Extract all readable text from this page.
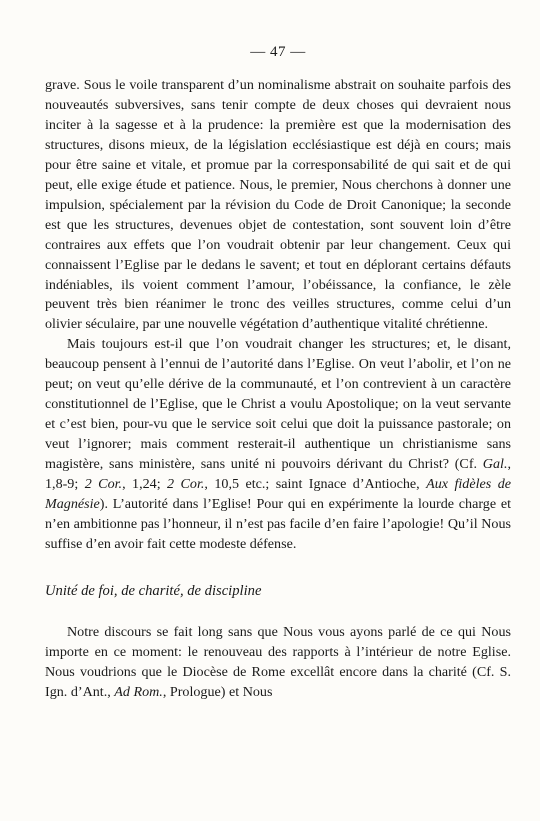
— 47 —

grave. Sous le voile transparent d’un nominalisme abstrait on souhaite parfois des nouveautés subversives, sans tenir compte de deux choses qui devraient nous inciter à la sagesse et à la prudence: la première est que la modernisation des structures, disons mieux, de la législation ecclésiastique est déjà en cours; mais pour être saine et vitale, et promue par la corresponsabilité de qui sait et de qui peut, elle exige étude et patience. Nous, le premier, Nous cherchons à donner une impulsion, spécialement par la révision du Code de Droit Canonique; la seconde est que les structures, devenues objet de contestation, sont souvent loin d’être contraires aux effets que l’on voudrait obtenir par leur changement. Ceux qui connaissent l’Eglise par le dedans le savent; et tout en déplorant certains défauts indéniables, ils voient comment l’amour, l’obéissance, la confiance, le zèle peuvent très bien réanimer le tronc des veilles structures, comme celui d’un olivier séculaire, par une nouvelle végétation d’authentique vitalité chrétienne.

Mais toujours est-il que l’on voudrait changer les structures; et, le disant, beaucoup pensent à l’ennui de l’autorité dans l’Eglise. On veut l’abolir, et l’on ne peut; on veut qu’elle dérive de la communauté, et l’on contrevient à un caractère constitutionnel de l’Eglise, que le Christ a voulu Apostolique; on la veut servante et c’est bien, pour-vu que le service soit celui que doit la puissance pastorale; on veut l’ignorer; mais comment resterait-il authentique un christianisme sans magistère, sans ministère, sans unité ni pouvoirs dérivant du Christ? (Cf. Gal., 1,8-9; 2 Cor., 1,24; 2 Cor., 10,5 etc.; saint Ignace d’Antioche, Aux fidèles de Magnésie). L’autorité dans l’Eglise! Pour qui en expérimente la lourde charge et n’en ambitionne pas l’honneur, il n’est pas facile d’en faire l’apologie! Qu’il Nous suffise d’en avoir fait cette modeste défense.

Unité de foi, de charité, de discipline

Notre discours se fait long sans que Nous vous ayons parlé de ce qui Nous importe en ce moment: le renouveau des rapports à l’intérieur de notre Eglise. Nous voudrions que le Diocèse de Rome excellât encore dans la charité (Cf. S. Ign. d’Ant., Ad Rom., Prologue) et Nous
